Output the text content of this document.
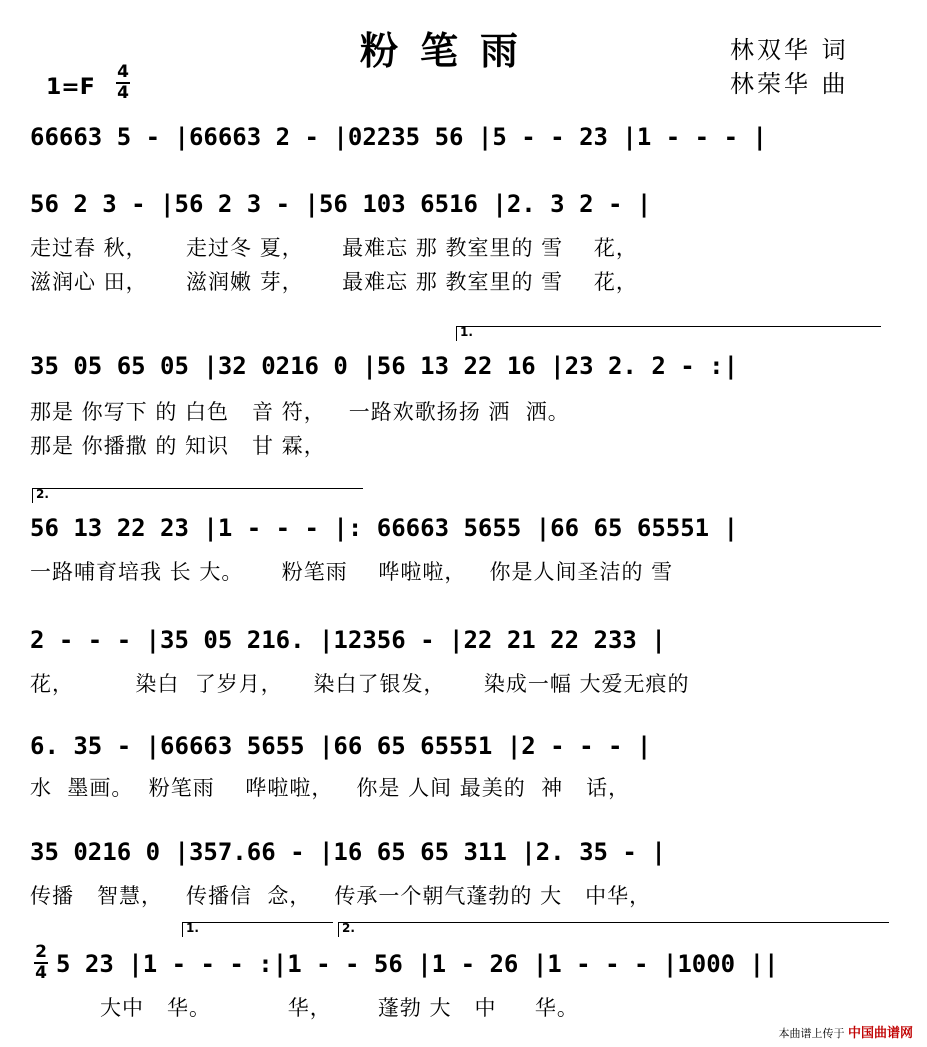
粉笔雨	林双华 词
林荣华 曲
1=F
4
4
66663 5 - |66663 2 - |02235 56 |5 - - 23 |1 - - - |
56 2 3 - |56 2 3 - |56 103 6516 |2. 3 2 - |
走过春 秋，     走过冬 夏，     最难忘 那 教室里的 雪    花，
滋润心 田，     滋润嫩 芽，     最难忘 那 教室里的 雪    花，
1.
35 05 65 05 |32 0216 0 |56 13 22 16 |23 2. 2 - :|
那是 你写下 的 白色   音 符，   一路欢歌扬扬 洒  洒。
那是 你播撒 的 知识   甘 霖，
2.
56 13 22 23 |1 - - - |: 66663 5655 |66 65 65551 |
一路哺育培我 长 大。     粉笔雨    哗啦啦，   你是人间圣洁的 雪
2 - - - |35 05 216. |12356 - |22 21 22 233 |
花，        染白  了岁月，    染白了银发，     染成一幅 大爱无痕的
6. 35 - |66663 5655 |66 65 65551 |2 - - - |
水  墨画。  粉笔雨    哗啦啦，   你是 人间 最美的  神   话，
35 0216 0 |357.66 - |16 65 65 311 |2. 35 - |
传播   智慧，   传播信  念，   传承一个朝气蓬勃的 大   中华，
1.	2.
2
4 5 23 |1 - - - :|1 - - 56 |1 - 26 |1 - - - |1000 ||
大中   华。          华，      蓬勃 大   中     华。
本曲谱上传于 中国曲谱网
